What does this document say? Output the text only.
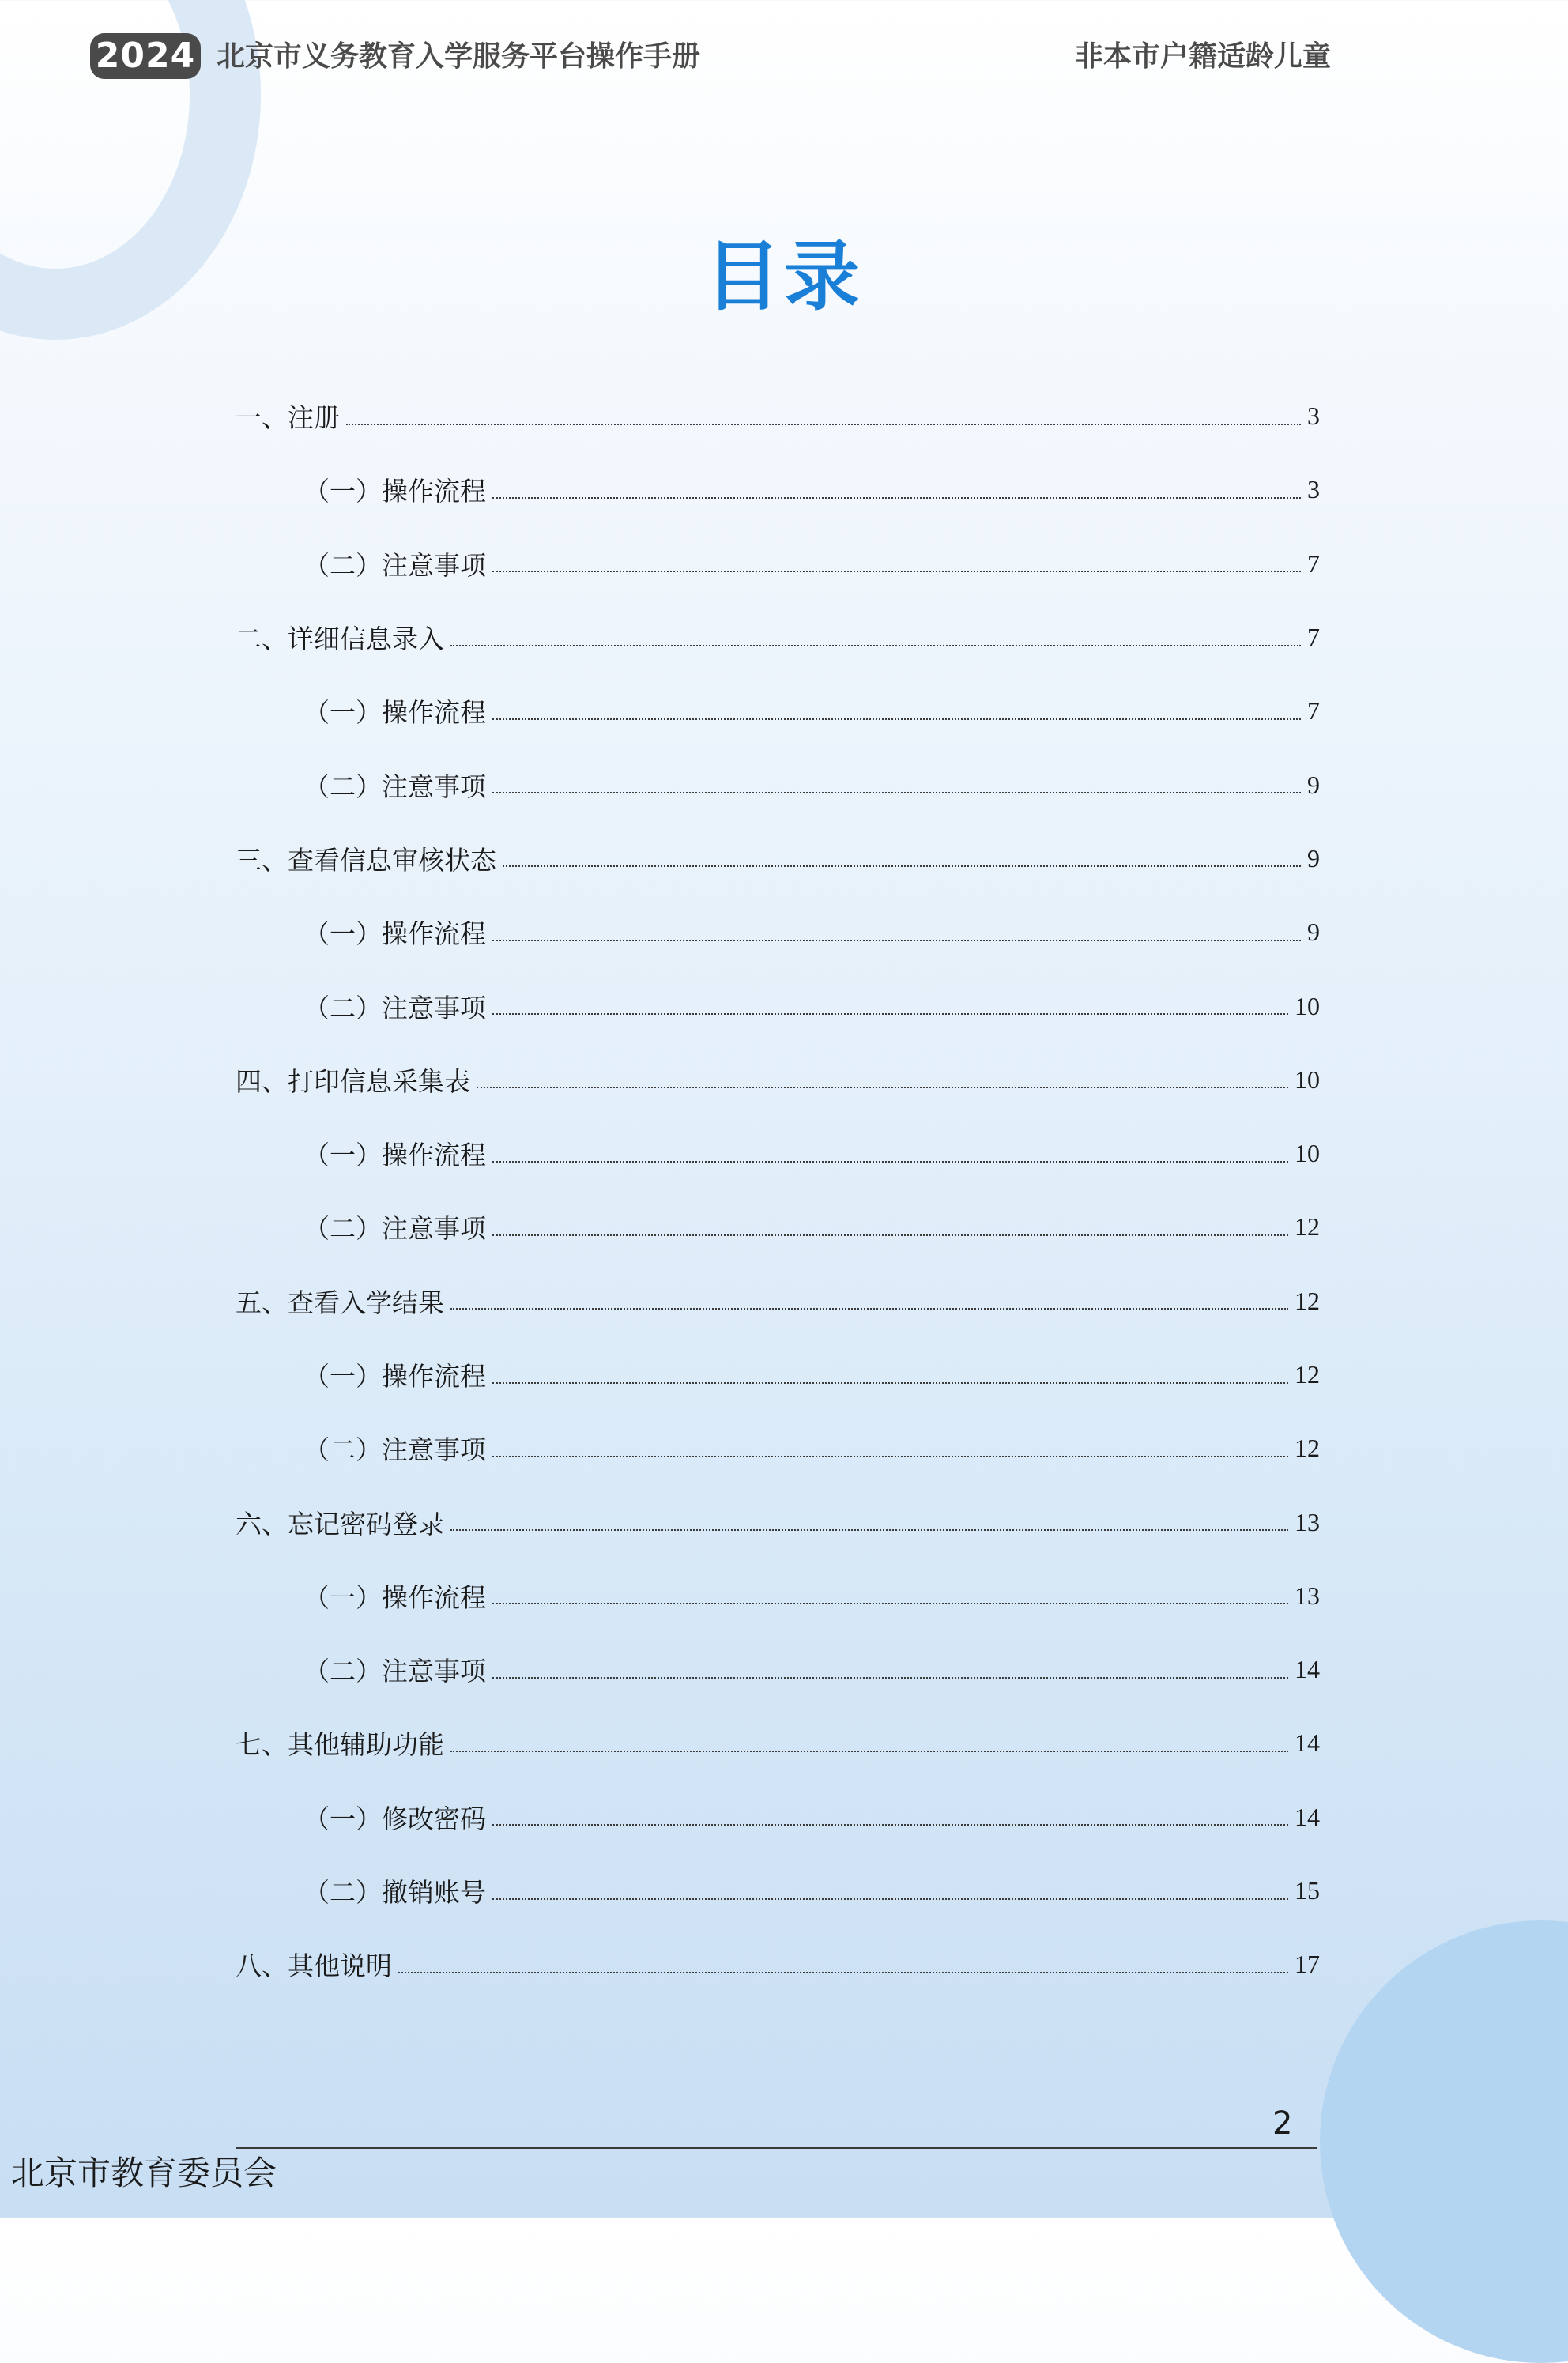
2024 北京市义务教育入学服务平台操作手册	非本市户籍适龄儿童
目录
一、注册	3
（一）操作流程	3
（二）注意事项	7
二、详细信息录入	7
（一）操作流程	7
（二）注意事项	9
三、查看信息审核状态	9
（一）操作流程	9
（二）注意事项	10
四、打印信息采集表	10
（一）操作流程	10
（二）注意事项	12
五、查看入学结果	12
（一）操作流程	12
（二）注意事项	12
六、忘记密码登录	13
（一）操作流程	13
（二）注意事项	14
七、其他辅助功能	14
（一）修改密码	14
（二）撤销账号	15
八、其他说明	17
2
北京市教育委员会
